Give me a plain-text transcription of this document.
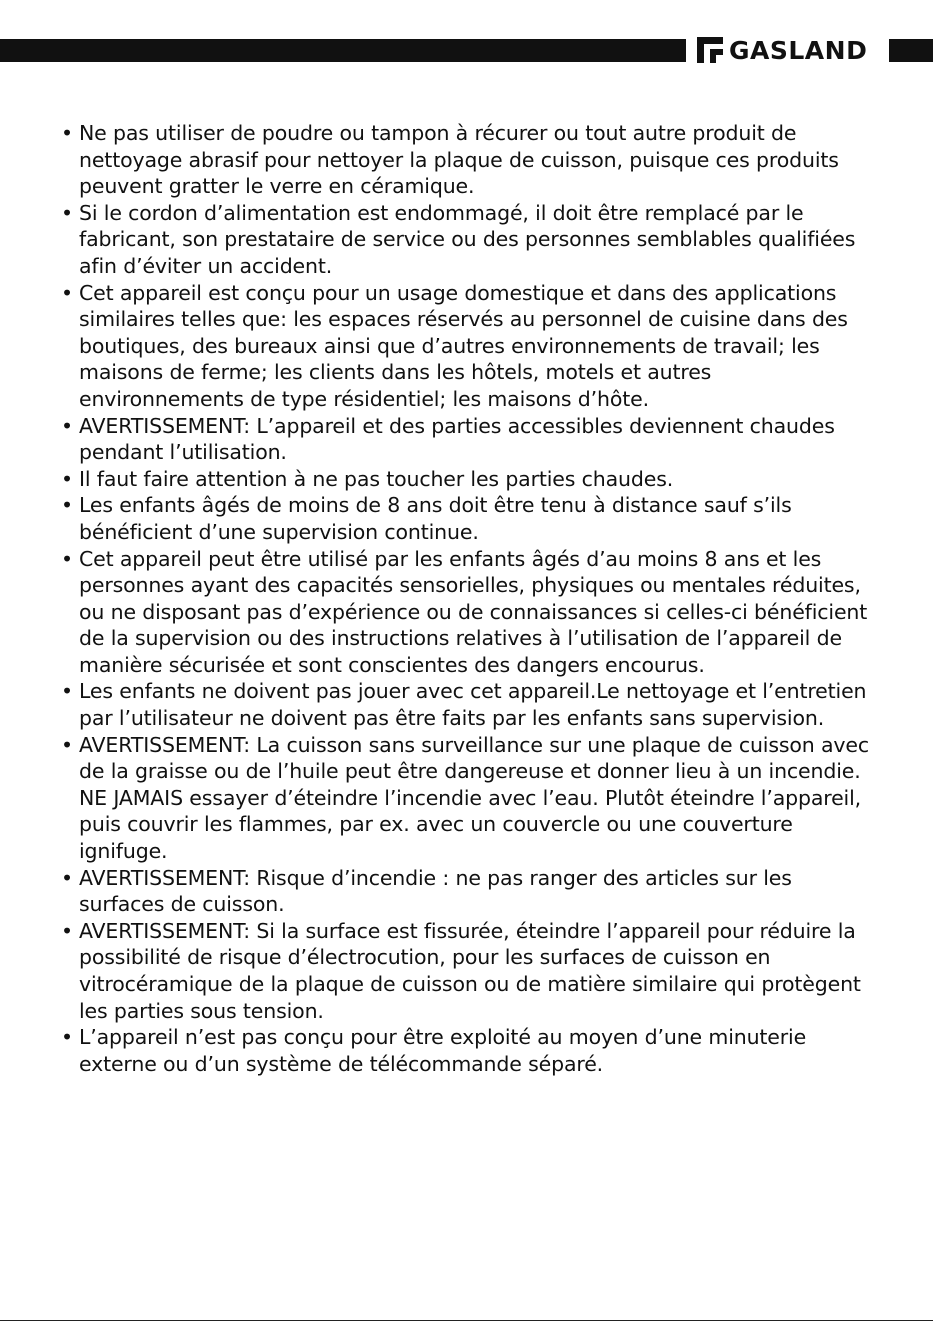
GASLAND
• Ne pas utiliser de poudre ou tampon à récurer ou tout autre produit de nettoyage abrasif pour nettoyer la plaque de cuisson, puisque ces produits peuvent gratter le verre en céramique.
• Si le cordon d’alimentation est endommagé, il doit être remplacé par le fabricant, son prestataire de service ou des personnes semblables qualifiées afin d’éviter un accident.
• Cet appareil est conçu pour un usage domestique et dans des applications similaires telles que: les espaces réservés au personnel de cuisine dans des boutiques, des bureaux ainsi que d’autres environnements de travail; les maisons de ferme; les clients dans les hôtels, motels et autres environnements de type résidentiel; les maisons d’hôte.
• AVERTISSEMENT: L’appareil et des parties accessibles deviennent chaudes pendant l’utilisation.
• Il faut faire attention à ne pas toucher les parties chaudes.
• Les enfants âgés de moins de 8 ans doit être tenu à distance sauf s’ils bénéficient d’une supervision continue.
• Cet appareil peut être utilisé par les enfants âgés d’au moins 8 ans et les personnes ayant des capacités sensorielles, physiques ou mentales réduites, ou ne disposant pas d’expérience ou de connaissances si celles-ci bénéficient de la supervision ou des instructions relatives à l’utilisation de l’appareil de manière sécurisée et sont conscientes des dangers encourus.
• Les enfants ne doivent pas jouer avec cet appareil.Le nettoyage et l’entretien par l’utilisateur ne doivent pas être faits par les enfants sans supervision.
• AVERTISSEMENT: La cuisson sans surveillance sur une plaque de cuisson avec de la graisse ou de l’huile peut être dangereuse et donner lieu à un incendie. NE JAMAIS essayer d’éteindre l’incendie avec l’eau. Plutôt éteindre l’appareil, puis couvrir les flammes, par ex. avec un couvercle ou une couverture ignifuge.
• AVERTISSEMENT: Risque d’incendie : ne pas ranger des articles sur les surfaces de cuisson.
• AVERTISSEMENT: Si la surface est fissurée, éteindre l’appareil pour réduire la possibilité de risque d’électrocution, pour les surfaces de cuisson en vitrocéramique de la plaque de cuisson ou de matière similaire qui protègent les parties sous tension.
• L’appareil n’est pas conçu pour être exploité au moyen d’une minuterie externe ou d’un système de télécommande séparé.
